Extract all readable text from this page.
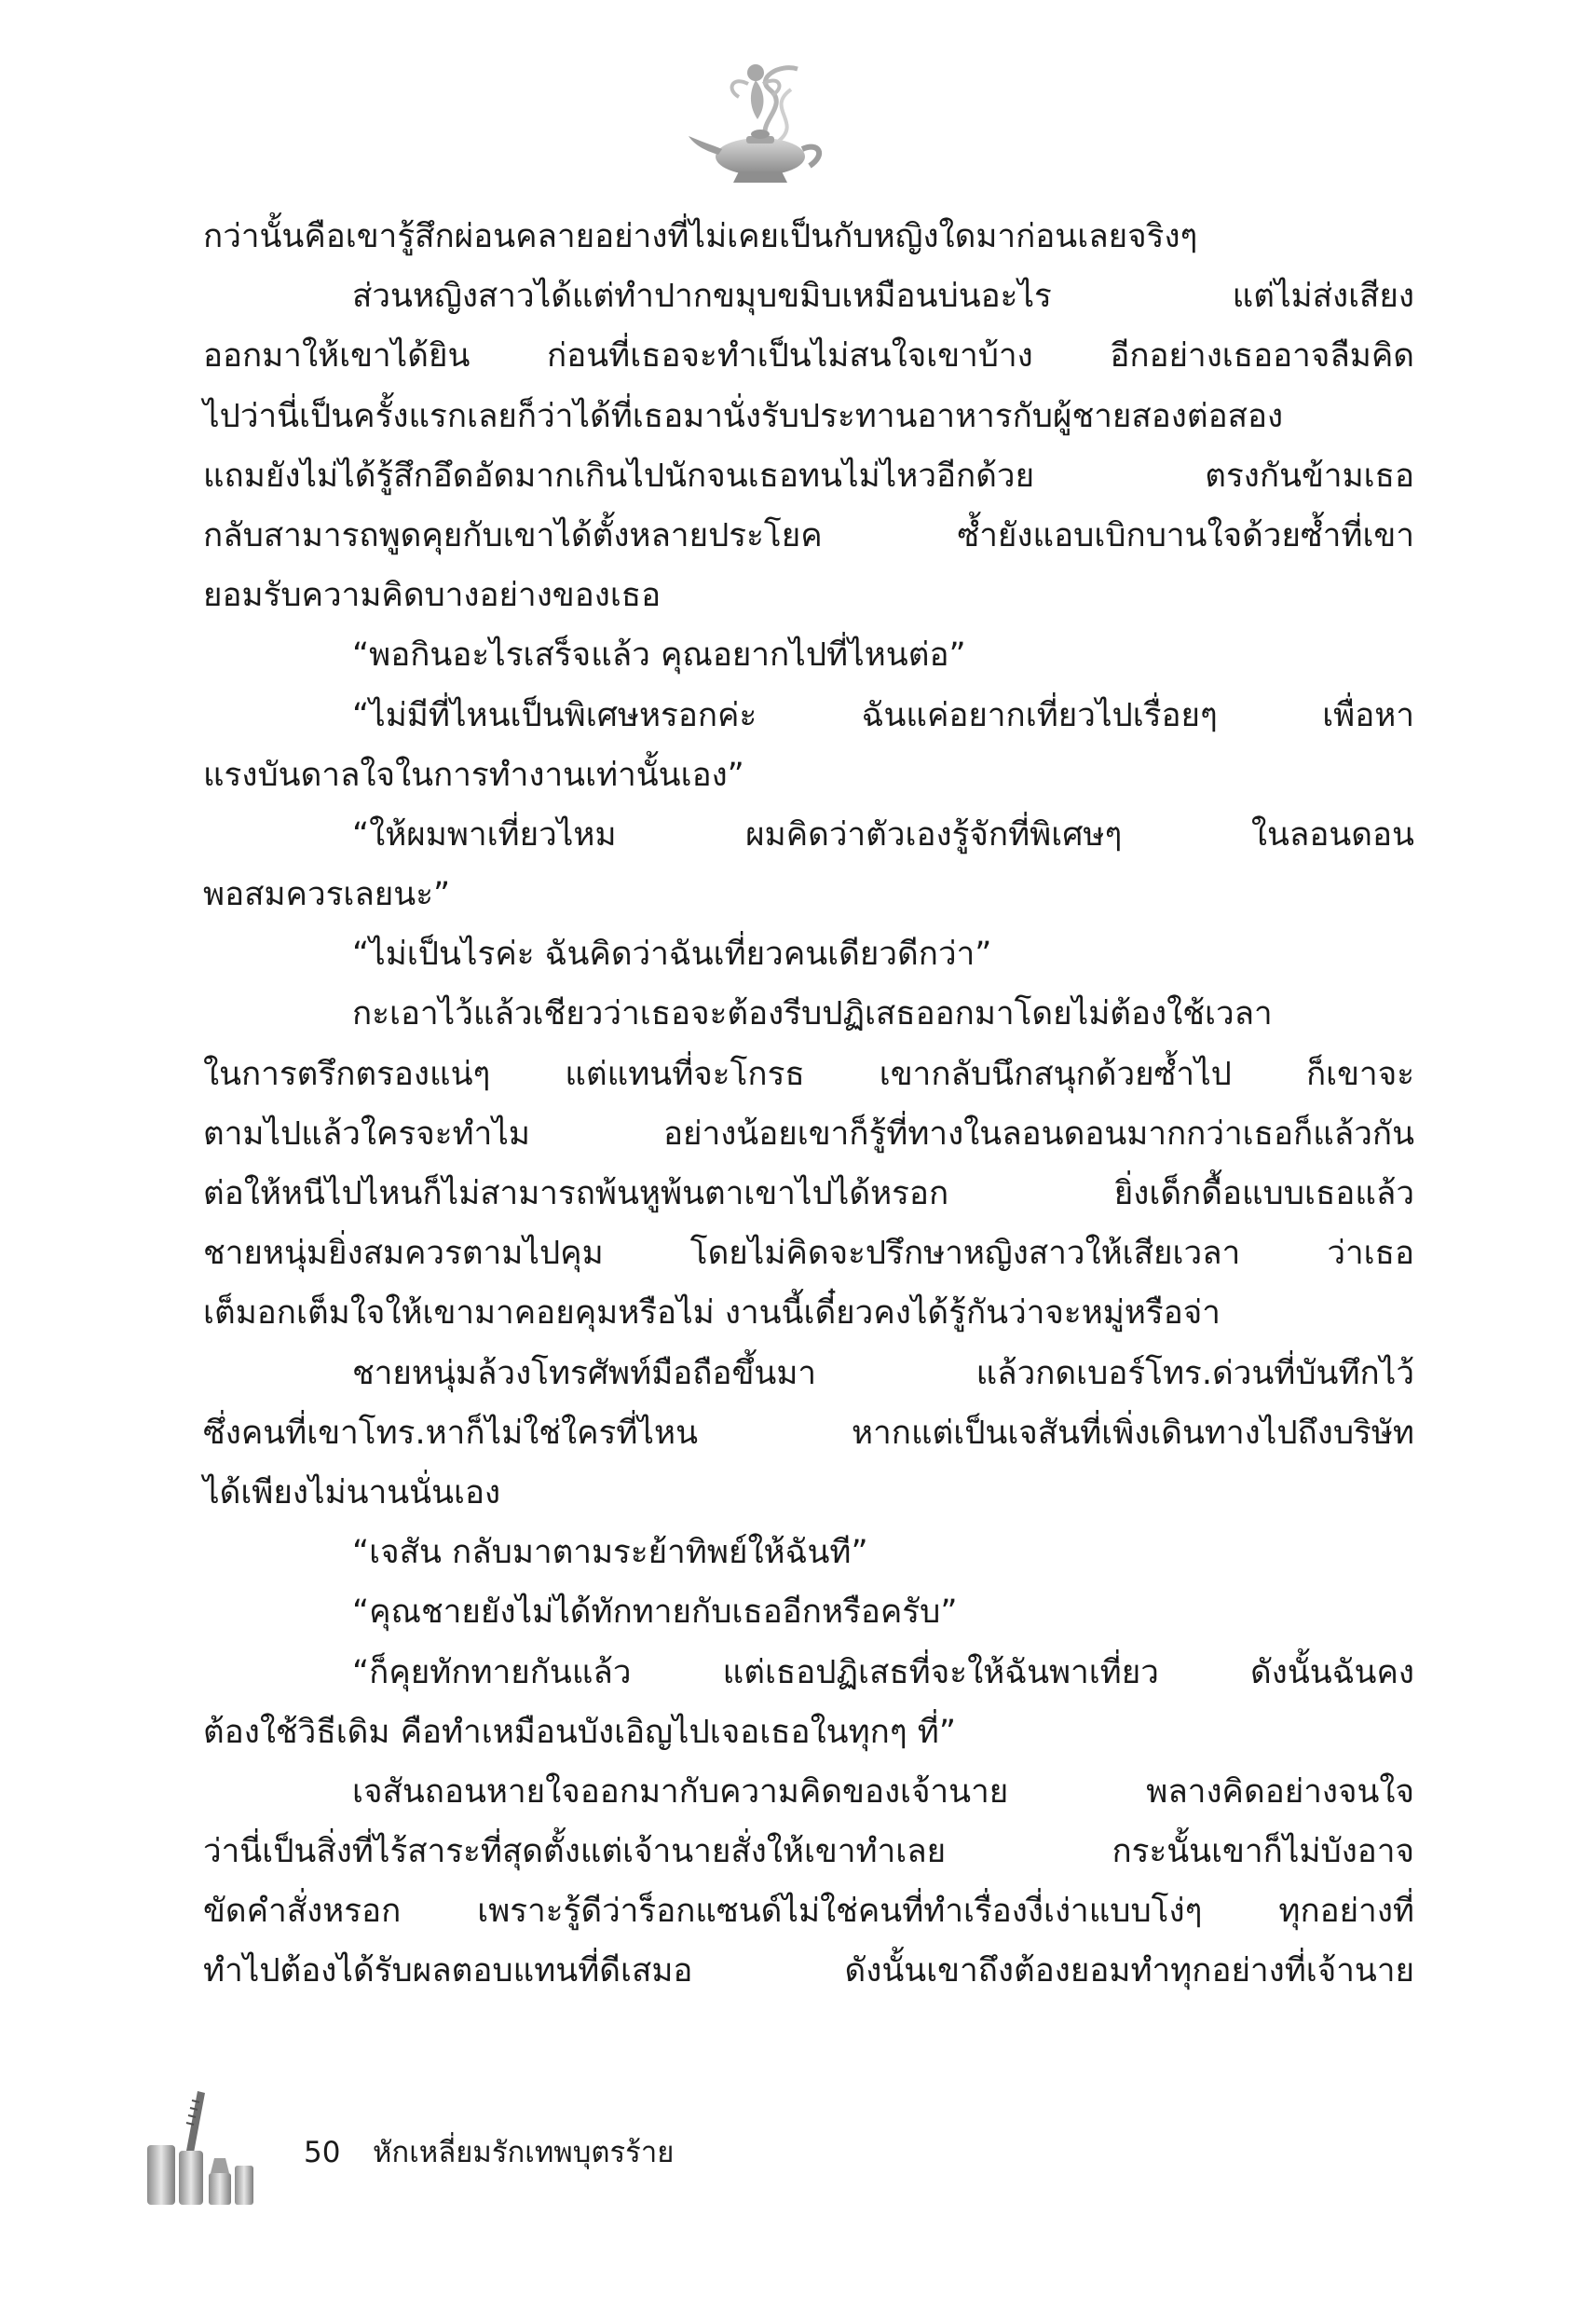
กว่านั้นคือเขารู้สึกผ่อนคลายอย่างที่ไม่เคยเป็นกับหญิงใดมาก่อนเลยจริงๆ
ส่วนหญิงสาวได้แต่ทำปากขมุบขมิบเหมือนบ่นอะไร แต่ไม่ส่งเสียง
ออกมาให้เขาได้ยิน ก่อนที่เธอจะทำเป็นไม่สนใจเขาบ้าง อีกอย่างเธออาจลืมคิด
ไปว่านี่เป็นครั้งแรกเลยก็ว่าได้ที่เธอมานั่งรับประทานอาหารกับผู้ชายสองต่อสอง
แถมยังไม่ได้รู้สึกอึดอัดมากเกินไปนักจนเธอทนไม่ไหวอีกด้วย ตรงกันข้ามเธอ
กลับสามารถพูดคุยกับเขาได้ตั้งหลายประโยค ซ้ำยังแอบเบิกบานใจด้วยซ้ำที่เขา
ยอมรับความคิดบางอย่างของเธอ
“พอกินอะไรเสร็จแล้ว คุณอยากไปที่ไหนต่อ”
“ไม่มีที่ไหนเป็นพิเศษหรอกค่ะ ฉันแค่อยากเที่ยวไปเรื่อยๆ เพื่อหา
แรงบันดาลใจในการทำงานเท่านั้นเอง”
“ให้ผมพาเที่ยวไหม ผมคิดว่าตัวเองรู้จักที่พิเศษๆ ในลอนดอน
พอสมควรเลยนะ”
“ไม่เป็นไรค่ะ ฉันคิดว่าฉันเที่ยวคนเดียวดีกว่า”
กะเอาไว้แล้วเชียวว่าเธอจะต้องรีบปฏิเสธออกมาโดยไม่ต้องใช้เวลา
ในการตรึกตรองแน่ๆ แต่แทนที่จะโกรธ เขากลับนึกสนุกด้วยซ้ำไป ก็เขาจะ
ตามไปแล้วใครจะทำไม อย่างน้อยเขาก็รู้ที่ทางในลอนดอนมากกว่าเธอก็แล้วกัน
ต่อให้หนีไปไหนก็ไม่สามารถพ้นหูพ้นตาเขาไปได้หรอก ยิ่งเด็กดื้อแบบเธอแล้ว
ชายหนุ่มยิ่งสมควรตามไปคุม โดยไม่คิดจะปรึกษาหญิงสาวให้เสียเวลา ว่าเธอ
เต็มอกเต็มใจให้เขามาคอยคุมหรือไม่ งานนี้เดี๋ยวคงได้รู้กันว่าจะหมู่หรือจ่า
ชายหนุ่มล้วงโทรศัพท์มือถือขึ้นมา แล้วกดเบอร์โทร.ด่วนที่บันทึกไว้
ซึ่งคนที่เขาโทร.หาก็ไม่ใช่ใครที่ไหน หากแต่เป็นเจสันที่เพิ่งเดินทางไปถึงบริษัท
ได้เพียงไม่นานนั่นเอง
“เจสัน กลับมาตามระย้าทิพย์ให้ฉันที”
“คุณชายยังไม่ได้ทักทายกับเธออีกหรือครับ”
“ก็คุยทักทายกันแล้ว แต่เธอปฏิเสธที่จะให้ฉันพาเที่ยว ดังนั้นฉันคง
ต้องใช้วิธีเดิม คือทำเหมือนบังเอิญไปเจอเธอในทุกๆ ที่”
เจสันถอนหายใจออกมากับความคิดของเจ้านาย พลางคิดอย่างจนใจ
ว่านี่เป็นสิ่งที่ไร้สาระที่สุดตั้งแต่เจ้านายสั่งให้เขาทำเลย กระนั้นเขาก็ไม่บังอาจ
ขัดคำสั่งหรอก เพราะรู้ดีว่าร็อกแซนด์ไม่ใช่คนที่ทำเรื่องงี่เง่าแบบโง่ๆ ทุกอย่างที่
ทำไปต้องได้รับผลตอบแทนที่ดีเสมอ ดังนั้นเขาถึงต้องยอมทำทุกอย่างที่เจ้านาย
50 หักเหลี่ยมรักเทพบุตรร้าย
